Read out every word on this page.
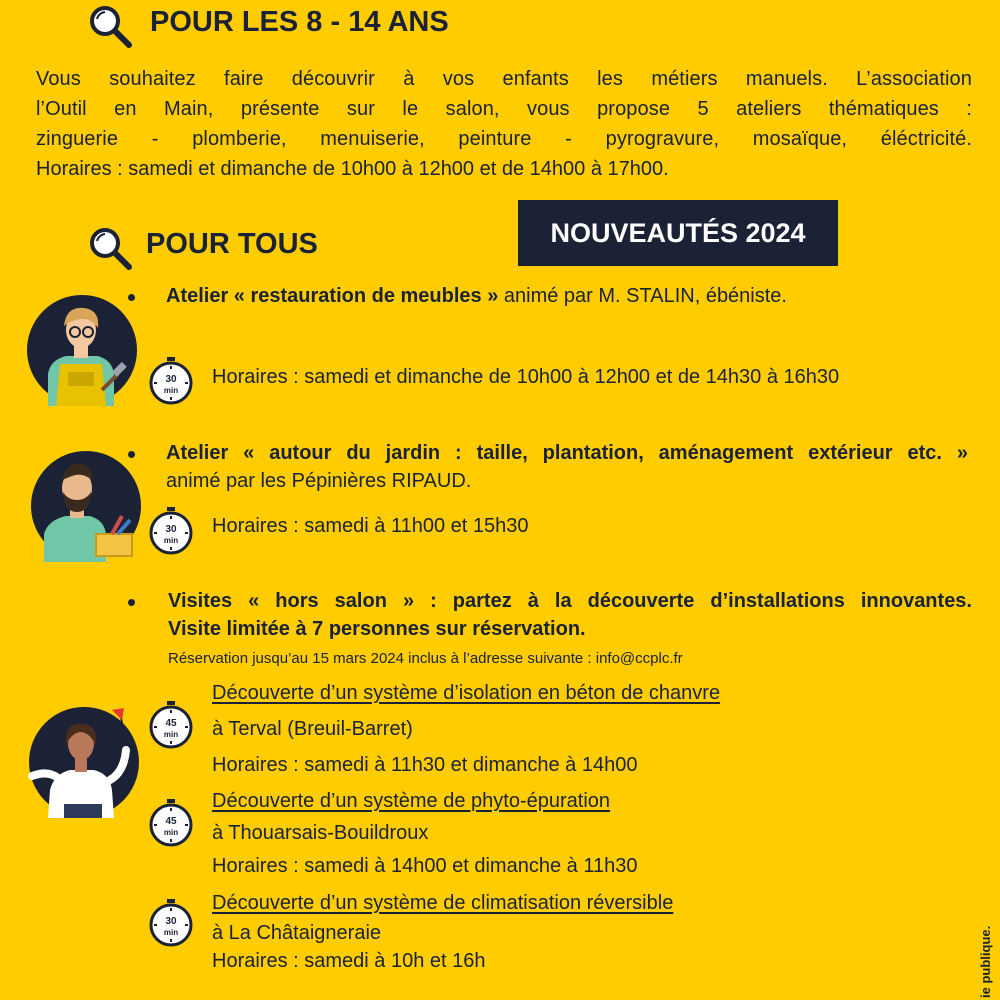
POUR LES 8 - 14 ANS
Vous souhaitez faire découvrir à vos enfants les métiers manuels. L’association
l’Outil en Main, présente sur le salon, vous propose 5 ateliers thématiques :
zinguerie - plomberie, menuiserie, peinture - pyrogravure, mosaïque, éléctricité.
Horaires : samedi et dimanche de 10h00 à 12h00 et de 14h00 à 17h00.
POUR TOUS	NOUVEAUTÉS 2024
Atelier « restauration de meubles » animé par M. STALIN, ébéniste.
30
min
Horaires : samedi et dimanche de 10h00 à 12h00 et de 14h30 à 16h30
Atelier « autour du jardin : taille, plantation, aménagement extérieur etc. »
animé par les Pépinières RIPAUD.
30
min
Horaires : samedi à 11h00 et 15h30
Visites « hors salon » : partez à la découverte d’installations innovantes.
Visite limitée à 7 personnes sur réservation.
Réservation jusqu’au 15 mars 2024 inclus à l’adresse suivante : info@ccplc.fr
45
min
Découverte d’un système d’isolation en béton de chanvre
à Terval (Breuil-Barret)
Horaires : samedi à 11h30 et dimanche à 14h00
45
min
Découverte d’un système de phyto-épuration
à Thouarsais-Bouildroux
Horaires : samedi à 14h00 et dimanche à 11h30
30
min
Découverte d’un système de climatisation réversible
à La Châtaigneraie
Horaires : samedi à 10h et 16h	ie publique.
